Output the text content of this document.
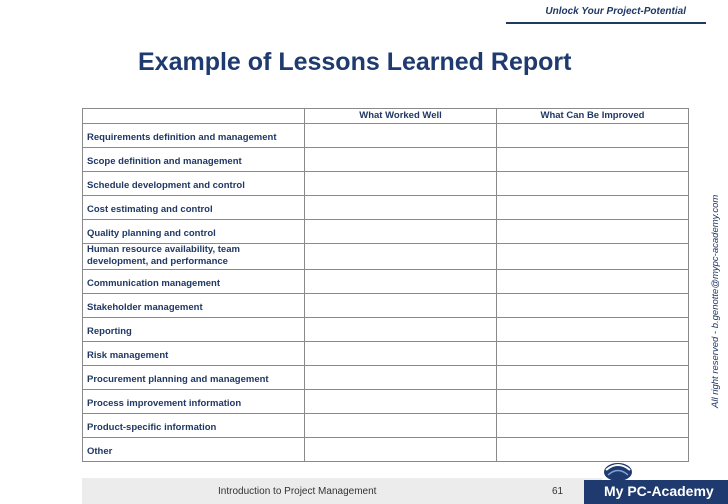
Unlock Your Project-Potential
Example of Lessons Learned Report
	What Worked Well	What Can Be Improved
Requirements definition and management		
Scope definition and management		
Schedule development and control		
Cost estimating and control		
Quality planning and control		
Human resource availability, team development, and performance		
Communication management		
Stakeholder management		
Reporting		
Risk management		
Procurement planning and management		
Process improvement information		
Product-specific information		
Other		
All right reserved - b.genotte@mypc-academy.com
Introduction to Project Management	61	My PC-Academy
